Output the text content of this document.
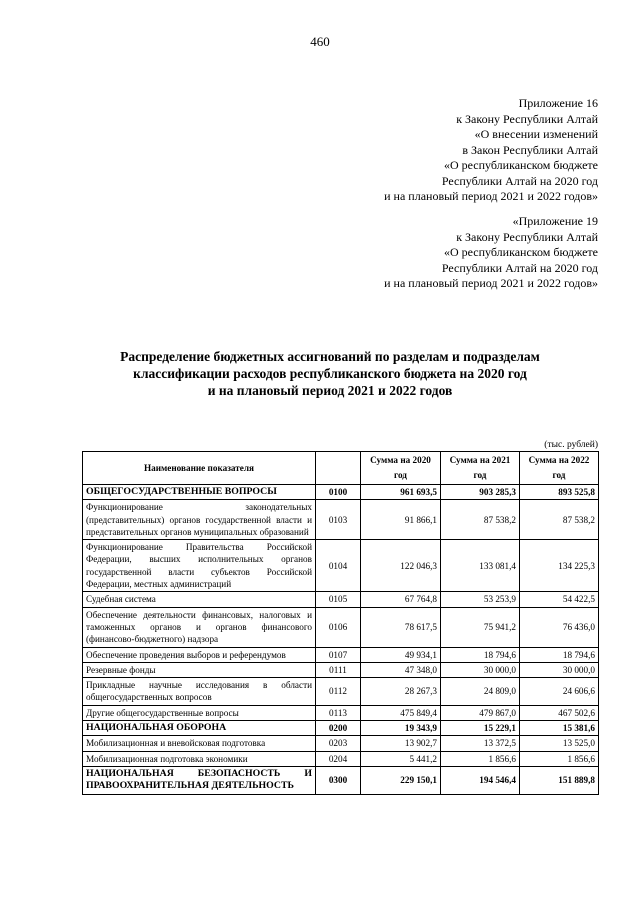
460
Приложение 16
к Закону Республики Алтай
«О внесении изменений
в Закон Республики Алтай
«О республиканском бюджете
Республики Алтай на 2020 год
и на плановый период 2021 и 2022 годов»
«Приложение 19
к Закону Республики Алтай
«О республиканском бюджете
Республики Алтай на 2020 год
и на плановый период 2021 и 2022 годов»
Распределение бюджетных ассигнований по разделам и подразделам
классификации расходов республиканского бюджета на 2020 год
и на плановый период 2021 и 2022 годов
(тыс. рублей)
Наименование показателя		Сумма на 2020 год	Сумма на 2021 год	Сумма на 2022 год
ОБЩЕГОСУДАРСТВЕННЫЕ ВОПРОСЫ	0100	961 693,5	903 285,3	893 525,8
Функционирование законодательных (представительных) органов государственной власти и представительных органов муниципальных образований	0103	91 866,1	87 538,2	87 538,2
Функционирование Правительства Российской Федерации, высших исполнительных органов государственной власти субъектов Российской Федерации, местных администраций	0104	122 046,3	133 081,4	134 225,3
Судебная система	0105	67 764,8	53 253,9	54 422,5
Обеспечение деятельности финансовых, налоговых и таможенных органов и органов финансового (финансово-бюджетного) надзора	0106	78 617,5	75 941,2	76 436,0
Обеспечение проведения выборов и референдумов	0107	49 934,1	18 794,6	18 794,6
Резервные фонды	0111	47 348,0	30 000,0	30 000,0
Прикладные научные исследования в области общегосударственных вопросов	0112	28 267,3	24 809,0	24 606,6
Другие общегосударственные вопросы	0113	475 849,4	479 867,0	467 502,6
НАЦИОНАЛЬНАЯ ОБОРОНА	0200	19 343,9	15 229,1	15 381,6
Мобилизационная и вневойсковая подготовка	0203	13 902,7	13 372,5	13 525,0
Мобилизационная подготовка экономики	0204	5 441,2	1 856,6	1 856,6
НАЦИОНАЛЬНАЯ БЕЗОПАСНОСТЬ И ПРАВООХРАНИТЕЛЬНАЯ ДЕЯТЕЛЬНОСТЬ	0300	229 150,1	194 546,4	151 889,8
